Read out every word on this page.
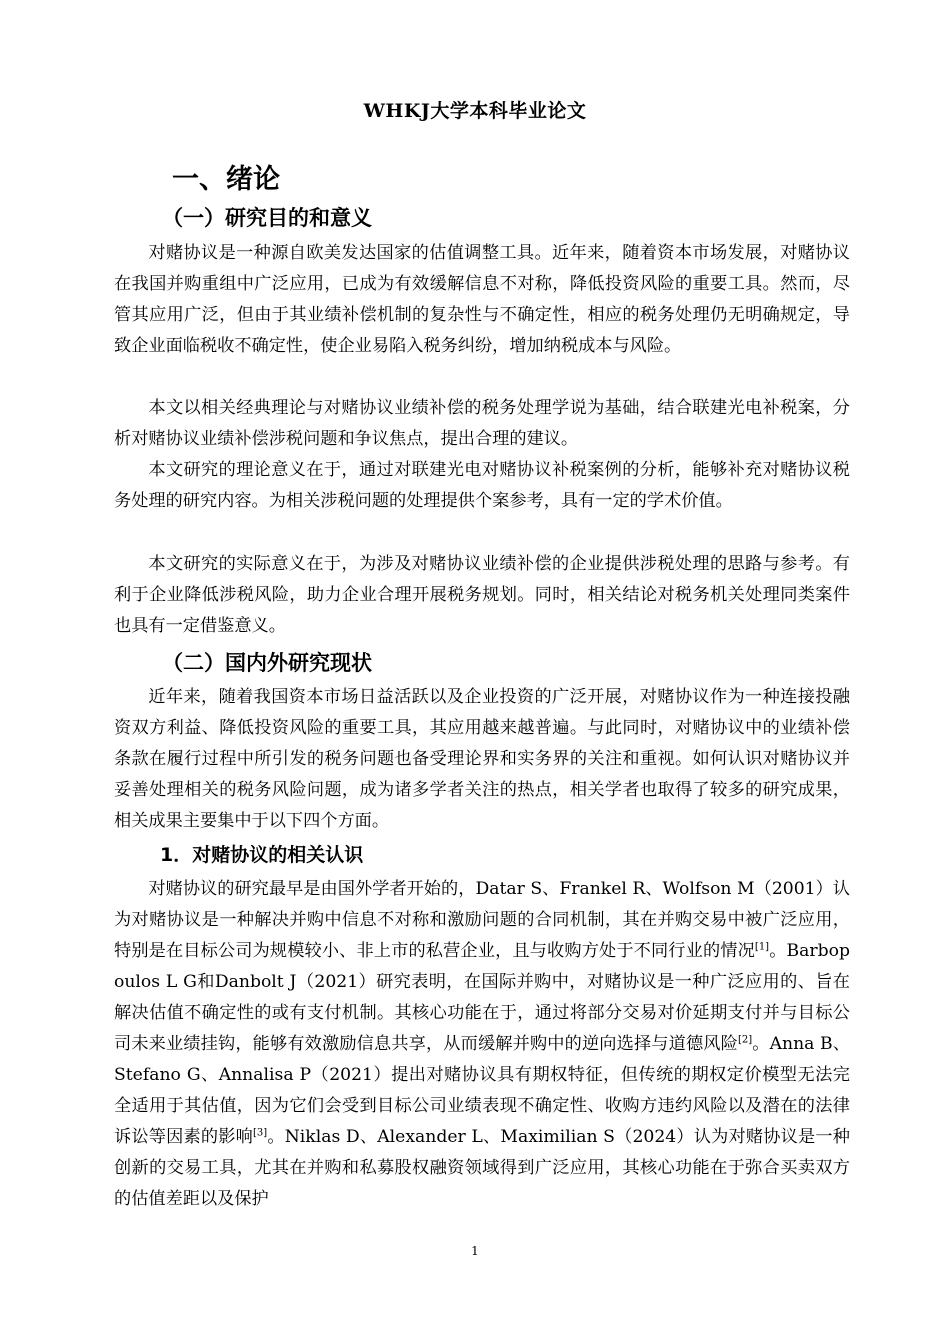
WHKJ大学本科毕业论文
一、绪论
（一）研究目的和意义

对赌协议是一种源自欧美发达国家的估值调整工具。近年来，随着资本市场发展，对赌协议在我国并购重组中广泛应用，已成为有效缓解信息不对称，降低投资风险的重要工具。然而，尽管其应用广泛，但由于其业绩补偿机制的复杂性与不确定性，相应的税务处理仍无明确规定，导致企业面临税收不确定性，使企业易陷入税务纠纷，增加纳税成本与风险。

本文以相关经典理论与对赌协议业绩补偿的税务处理学说为基础，结合联建光电补税案，分析对赌协议业绩补偿涉税问题和争议焦点，提出合理的建议。

本文研究的理论意义在于，通过对联建光电对赌协议补税案例的分析，能够补充对赌协议税务处理的研究内容。为相关涉税问题的处理提供个案参考，具有一定的学术价值。

本文研究的实际意义在于，为涉及对赌协议业绩补偿的企业提供涉税处理的思路与参考。有利于企业降低涉税风险，助力企业合理开展税务规划。同时，相关结论对税务机关处理同类案件也具有一定借鉴意义。

（二）国内外研究现状

近年来，随着我国资本市场日益活跃以及企业投资的广泛开展，对赌协议作为一种连接投融资双方利益、降低投资风险的重要工具，其应用越来越普遍。与此同时，对赌协议中的业绩补偿条款在履行过程中所引发的税务问题也备受理论界和实务界的关注和重视。如何认识对赌协议并妥善处理相关的税务风险问题，成为诸多学者关注的热点，相关学者也取得了较多的研究成果，相关成果主要集中于以下四个方面。

1．对赌协议的相关认识

对赌协议的研究最早是由国外学者开始的，Datar S、Frankel R、Wolfson M（2001）认为对赌协议是一种解决并购中信息不对称和激励问题的合同机制，其在并购交易中被广泛应用，特别是在目标公司为规模较小、非上市的私营企业，且与收购方处于不同行业的情况[1]。Barbopoulos L G和Danbolt J（2021）研究表明，在国际并购中，对赌协议是一种广泛应用的、旨在解决估值不确定性的或有支付机制。其核心功能在于，通过将部分交易对价延期支付并与目标公司未来业绩挂钩，能够有效激励信息共享，从而缓解并购中的逆向选择与道德风险[2]。Anna B、Stefano G、Annalisa P（2021）提出对赌协议具有期权特征，但传统的期权定价模型无法完全适用于其估值，因为它们会受到目标公司业绩表现不确定性、收购方违约风险以及潜在的法律诉讼等因素的影响[3]。Niklas D、Alexander L、Maximilian S（2024）认为对赌协议是一种创新的交易工具，尤其在并购和私募股权融资领域得到广泛应用，其核心功能在于弥合买卖双方的估值差距以及保护

1
